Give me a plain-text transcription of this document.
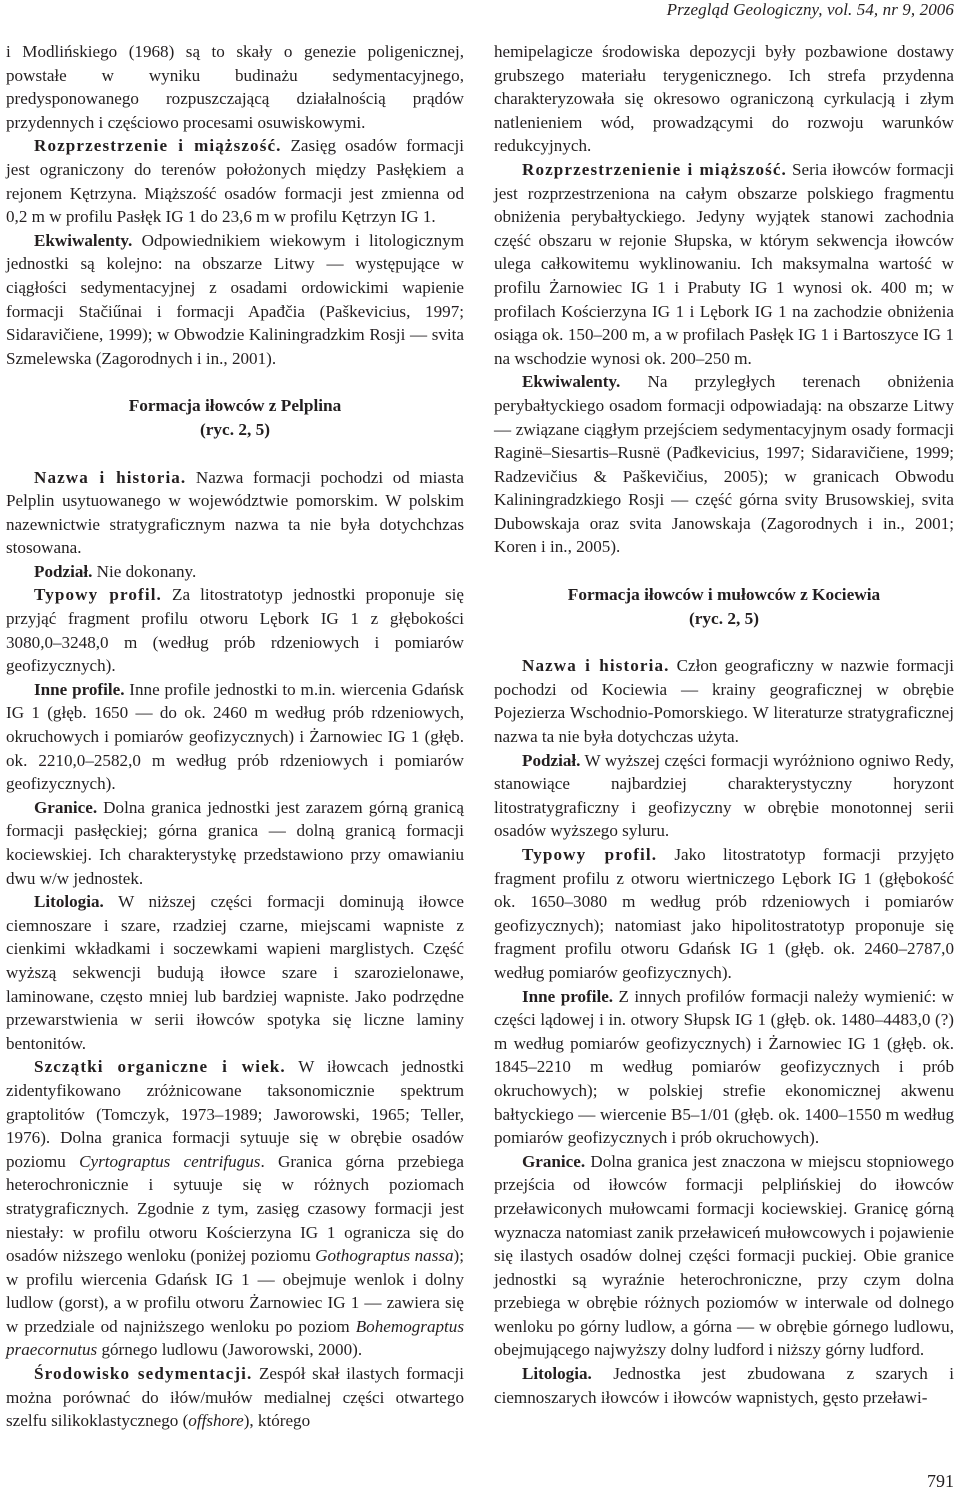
Przegląd Geologiczny, vol. 54, nr 9, 2006

i Modlińskiego (1968) są to skały o genezie poligenicznej, powstałe w wyniku budinażu sedymentacyjnego, predysponowanego rozpuszczającą działalnością prądów przydennych i częściowo procesami osuwiskowymi.

Rozprzestrzenie i miąższość. Zasięg osadów formacji jest ograniczony do terenów położonych między Pasłękiem a rejonem Kętrzyna. Miąższość osadów formacji jest zmienna od 0,2 m w profilu Pasłęk IG 1 do 23,6 m w profilu Kętrzyn IG 1.

Ekwiwalenty. Odpowiednikiem wiekowym i litologicznym jednostki są kolejno: na obszarze Litwy — występujące w ciągłości sedymentacyjnej z osadami ordowickimi wapienie formacji Stačiűnai i formacji Apađčia (Paškevicius, 1997; Sidaravičiene, 1999); w Obwodzie Kaliningradzkim Rosji — svita Szmelewska (Zagorodnych i in., 2001).

Formacja iłowców z Pelplina

(ryc. 2, 5)

Nazwa i historia. Nazwa formacji pochodzi od miasta Pelplin usytuowanego w województwie pomorskim. W polskim nazewnictwie stratygraficznym nazwa ta nie była dotychchzas stosowana.

Podział. Nie dokonany.

Typowy profil. Za litostratotyp jednostki proponuje się przyjąć fragment profilu otworu Lębork IG 1 z głębokości 3080,0–3248,0 m (według prób rdzeniowych i pomiarów geofizycznych).

Inne profile. Inne profile jednostki to m.in. wiercenia Gdańsk IG 1 (głęb. 1650 — do ok. 2460 m według prób rdzeniowych, okruchowych i pomiarów geofizycznych) i Żarnowiec IG 1 (głęb. ok. 2210,0–2582,0 m według prób rdzeniowych i pomiarów geofizycznych).

Granice. Dolna granica jednostki jest zarazem górną granicą formacji pasłęckiej; górna granica — dolną granicą formacji kociewskiej. Ich charakterystykę przedstawiono przy omawianiu dwu w/w jednostek.

Litologia. W niższej części formacji dominują iłowce ciemnoszare i szare, rzadziej czarne, miejscami wapniste z cienkimi wkładkami i soczewkami wapieni marglistych. Część wyższą sekwencji budują iłowce szare i szarozielonawe, laminowane, często mniej lub bardziej wapniste. Jako podrzędne przewarstwienia w serii iłowców spotyka się liczne laminy bentonitów.

Szczątki organiczne i wiek. W iłowcach jednostki zidentyfikowano zróżnicowane taksonomicznie spektrum graptolitów (Tomczyk, 1973–1989; Jaworowski, 1965; Teller, 1976). Dolna granica formacji sytuuje się w obrębie osadów poziomu Cyrtograptus centrifugus. Granica górna przebiega heterochronicznie i sytuuje się w różnych poziomach stratygraficznych. Zgodnie z tym, zasięg czasowy formacji jest niestały: w profilu otworu Kościerzyna IG 1 ogranicza się do osadów niższego wenloku (poniżej poziomu Gothograptus nassa); w profilu wiercenia Gdańsk IG 1 — obejmuje wenlok i dolny ludlow (gorst), a w profilu otworu Żarnowiec IG 1 — zawiera się w przedziale od najniższego wenloku po poziom Bohemograptus praecornutus górnego ludlowu (Jaworowski, 2000).

Środowisko sedymentacji. Zespół skał ilastych formacji można porównać do iłów/mułów medialnej części otwartego szelfu silikoklastycznego (offshore), którego

hemipelagicze środowiska depozycji były pozbawione dostawy grubszego materiału terygenicznego. Ich strefa przydenna charakteryzowała się okresowo ograniczoną cyrkulacją i złym natlenieniem wód, prowadzącymi do rozwoju warunków redukcyjnych.

Rozprzestrzenienie i miąższość. Seria iłowców formacji jest rozprzestrzeniona na całym obszarze polskiego fragmentu obniżenia perybałtyckiego. Jedyny wyjątek stanowi zachodnia część obszaru w rejonie Słupska, w którym sekwencja iłowców ulega całkowitemu wyklinowaniu. Ich maksymalna wartość w profilu Żarnowiec IG 1 i Prabuty IG 1 wynosi ok. 400 m; w profilach Kościerzyna IG 1 i Lębork IG 1 na zachodzie obniżenia osiąga ok. 150–200 m, a w profilach Pasłęk IG 1 i Bartoszyce IG 1 na wschodzie wynosi ok. 200–250 m.

Ekwiwalenty. Na przyległych terenach obniżenia perybałtyckiego osadom formacji odpowiadają: na obszarze Litwy — związane ciągłym przejściem sedymentacyjnym osady formacji Raginë–Siesartis–Rusnë (Pađkevicius, 1997; Sidaravičiene, 1999; Radzevičius & Paškevičius, 2005); w granicach Obwodu Kaliningradzkiego Rosji — część górna svity Brusowskiej, svita Dubowskaja oraz svita Janowskaja (Zagorodnych i in., 2001; Koren i in., 2005).

Formacja iłowców i mułowców z Kociewia

(ryc. 2, 5)

Nazwa i historia. Człon geograficzny w nazwie formacji pochodzi od Kociewia — krainy geograficznej w obrębie Pojezierza Wschodnio-Pomorskiego. W literaturze stratygraficznej nazwa ta nie była dotychczas użyta.

Podział. W wyższej części formacji wyróżniono ogniwo Redy, stanowiące najbardziej charakterystyczny horyzont litostratygraficzny i geofizyczny w obrębie monotonnej serii osadów wyższego syluru.

Typowy profil. Jako litostratotyp formacji przyjęto fragment profilu z otworu wiertniczego Lębork IG 1 (głębokość ok. 1650–3080 m według prób rdzeniowych i pomiarów geofizycznych); natomiast jako hipolitostratotyp proponuje się fragment profilu otworu Gdańsk IG 1 (głęb. ok. 2460–2787,0 według pomiarów geofizycznych).

Inne profile. Z innych profilów formacji należy wymienić: w części lądowej i in. otwory Słupsk IG 1 (głęb. ok. 1480–4483,0 (?) m według pomiarów geofizycznych) i Żarnowiec IG 1 (głęb. ok. 1845–2210 m według pomiarów geofizycznych i prób okruchowych); w polskiej strefie ekonomicznej akwenu bałtyckiego — wiercenie B5–1/01 (głęb. ok. 1400–1550 m według pomiarów geofizycznych i prób okruchowych).

Granice. Dolna granica jest znaczona w miejscu stopniowego przejścia od iłowców formacji pelplińskiej do iłowców przeławiconych mułowcami formacji kociewskiej. Granicę górną wyznacza natomiast zanik przeławiceń mułowcowych i pojawienie się ilastych osadów dolnej części formacji puckiej. Obie granice jednostki są wyraźnie heterochroniczne, przy czym dolna przebiega w obrębie różnych poziomów w interwale od dolnego wenloku po górny ludlow, a górna — w obrębie górnego ludlowu, obejmującego najwyższy dolny ludford i niższy górny ludford.

Litologia. Jednostka jest zbudowana z szarych i ciemnoszarych iłowców i iłowców wapnistych, gęsto przeławi-

791
